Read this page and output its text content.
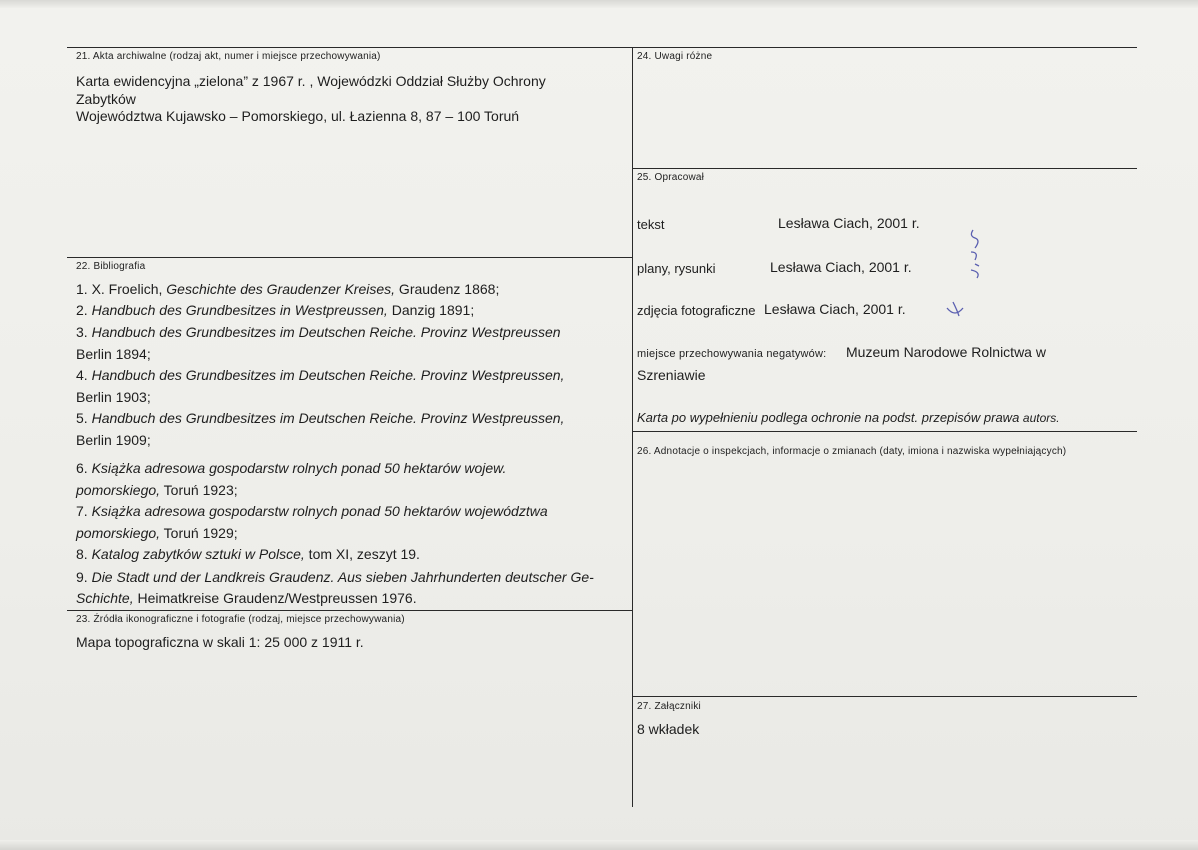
21. Akta archiwalne (rodzaj akt, numer i miejsce przechowywania)
Karta ewidencyjna „zielona” z 1967 r. , Wojewódzki Oddział Służby Ochrony
Zabytków
Województwa Kujawsko – Pomorskiego, ul. Łazienna 8, 87 – 100 Toruń
22. Bibliografia
1. X. Froelich, Geschichte des Graudenzer Kreises, Graudenz 1868;
2. Handbuch des Grundbesitzes in Westpreussen, Danzig 1891;
3. Handbuch des Grundbesitzes im Deutschen Reiche. Provinz Westpreussen
Berlin 1894;
4. Handbuch des Grundbesitzes im Deutschen Reiche. Provinz Westpreussen,
Berlin 1903;
5. Handbuch des Grundbesitzes im Deutschen Reiche. Provinz Westpreussen,
Berlin 1909;
6. Książka adresowa gospodarstw rolnych ponad 50 hektarów wojew.
pomorskiego, Toruń 1923;
7. Książka adresowa gospodarstw rolnych ponad 50 hektarów województwa
pomorskiego, Toruń 1929;
8. Katalog zabytków sztuki w Polsce, tom XI, zeszyt 19.
9. Die Stadt und der Landkreis Graudenz. Aus sieben Jahrhunderten deutscher Ge-
Schichte, Heimatkreise Graudenz/Westpreussen 1976.
23. Źródła ikonograficzne i fotografie (rodzaj, miejsce przechowywania)
Mapa topograficzna w skali 1: 25 000 z 1911 r.
24. Uwagi różne
25. Opracował
tekst	Lesława Ciach, 2001 r.
plany, rysunki	Lesława Ciach, 2001 r.
zdjęcia fotograficzne Lesława Ciach, 2001 r.
miejsce przechowywania negatywów: Muzeum Narodowe Rolnictwa w
Szreniawie
Karta po wypełnieniu podlega ochronie na podst. przepisów prawa autors.
26. Adnotacje o inspekcjach, informacje o zmianach (daty, imiona i nazwiska wypełniających)
27. Załączniki
8 wkładek
